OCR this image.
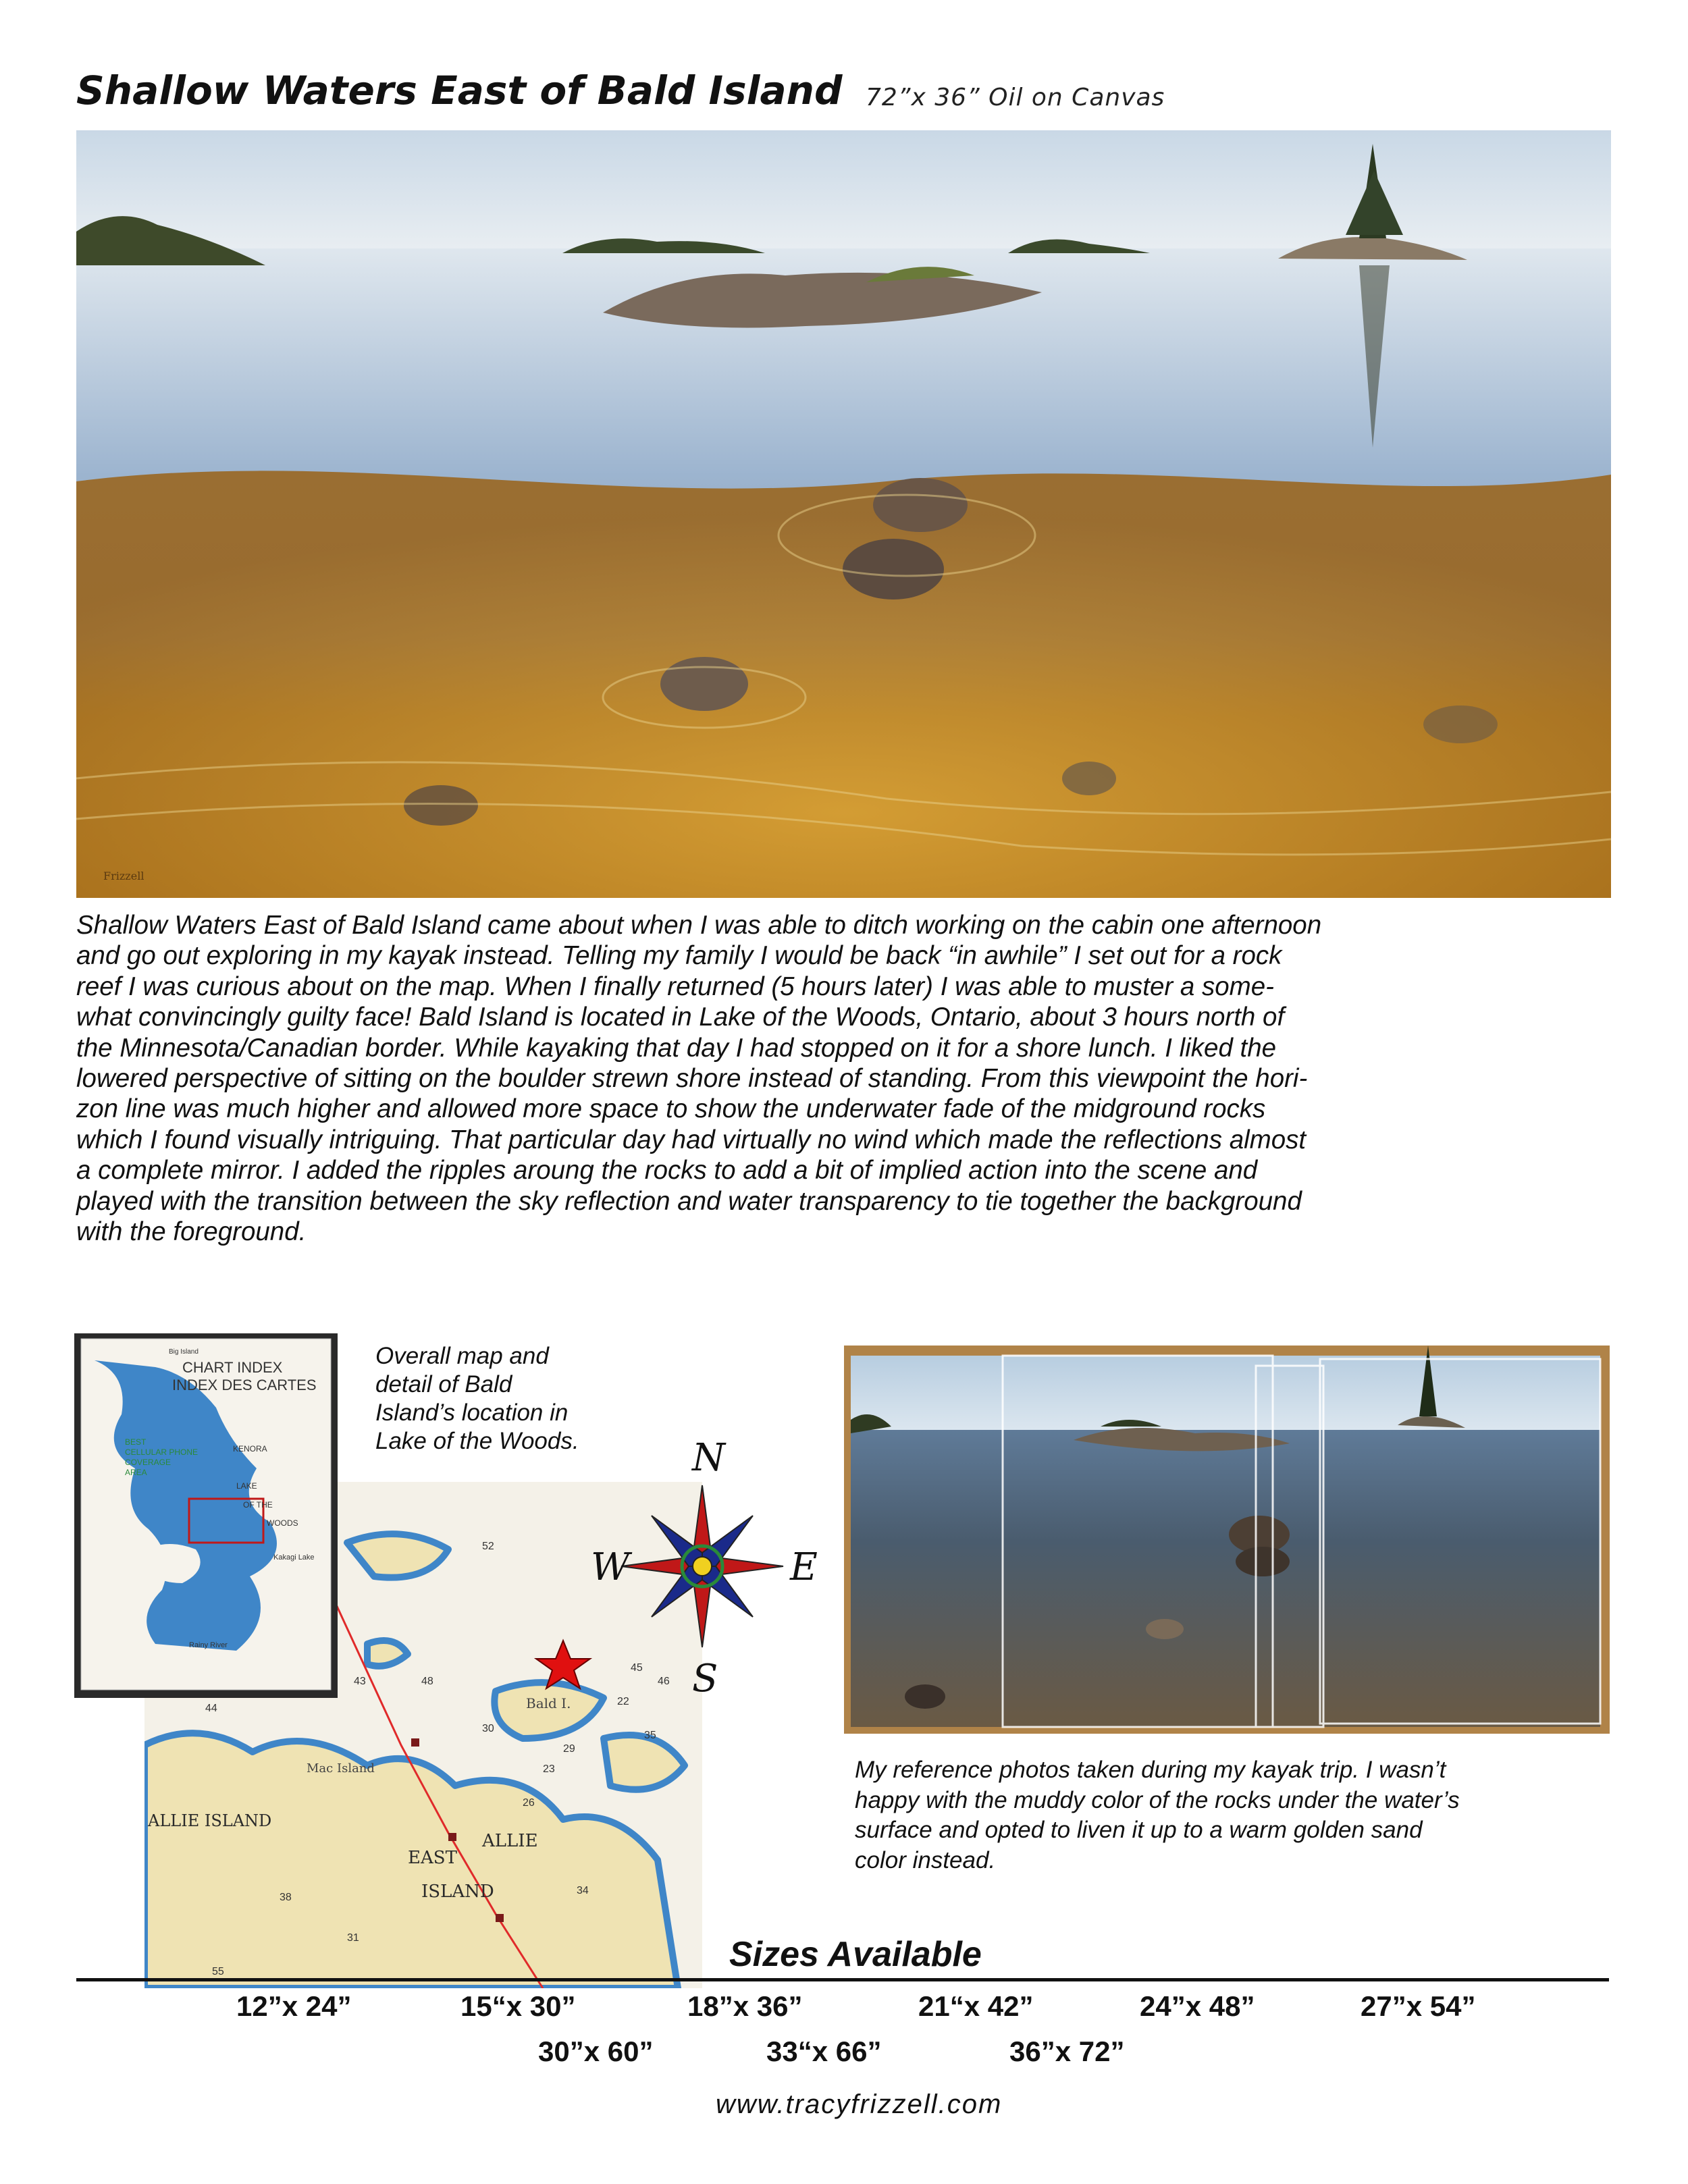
Shallow Waters East of Bald Island 72”x 36” Oil on Canvas
Frizzell
Shallow Waters East of Bald Island came about when I was able to ditch working on the cabin one afternoon
and go out exploring in my kayak instead. Telling my family I would be back “in awhile” I set out for a rock
reef I was curious about on the map. When I finally returned (5 hours later) I was able to muster a some-
what convincingly guilty face! Bald Island is located in Lake of the Woods, Ontario, about 3 hours north of
the Minnesota/Canadian border. While kayaking that day I had stopped on it for a shore lunch. I liked the
lowered perspective of sitting on the boulder strewn shore instead of standing. From this viewpoint the hori-
zon line was much higher and allowed more space to show the underwater fade of the midground rocks
which I found visually intriguing. That particular day had virtually no wind which made the reflections almost
a complete mirror. I added the ripples aroung the rocks to add a bit of implied action into the scene and
played with the transition between the sky reflection and water transparency to tie together the background
with the foreground.
Bald I.
Mac Island
ALLIE ISLAND
EAST
ALLIE
ISLAND
43
44
48
30
29
26
22
52
45
46
35
55
38
31
34
23
CHART INDEX
INDEX DES CARTES
Big Island
BEST
CELLULAR PHONE
COVERAGE
AREA
KENORA
LAKE
OF THE
WOODS
Kakagi Lake
Rainy River
Overall map and
detail of Bald
Island’s location in
Lake of the Woods.	N
S
E
W
My reference photos taken during my kayak trip. I wasn’t
happy with the muddy color of the rocks under the water’s
surface and opted to liven it up to a warm golden sand
color instead.
Sizes Available
12”x 24”	15“x 30”	18”x 36”	21“x 42”	24”x 48”	27”x 54”
30”x 60”	33“x 66”	36”x 72”
www.tracyfrizzell.com
